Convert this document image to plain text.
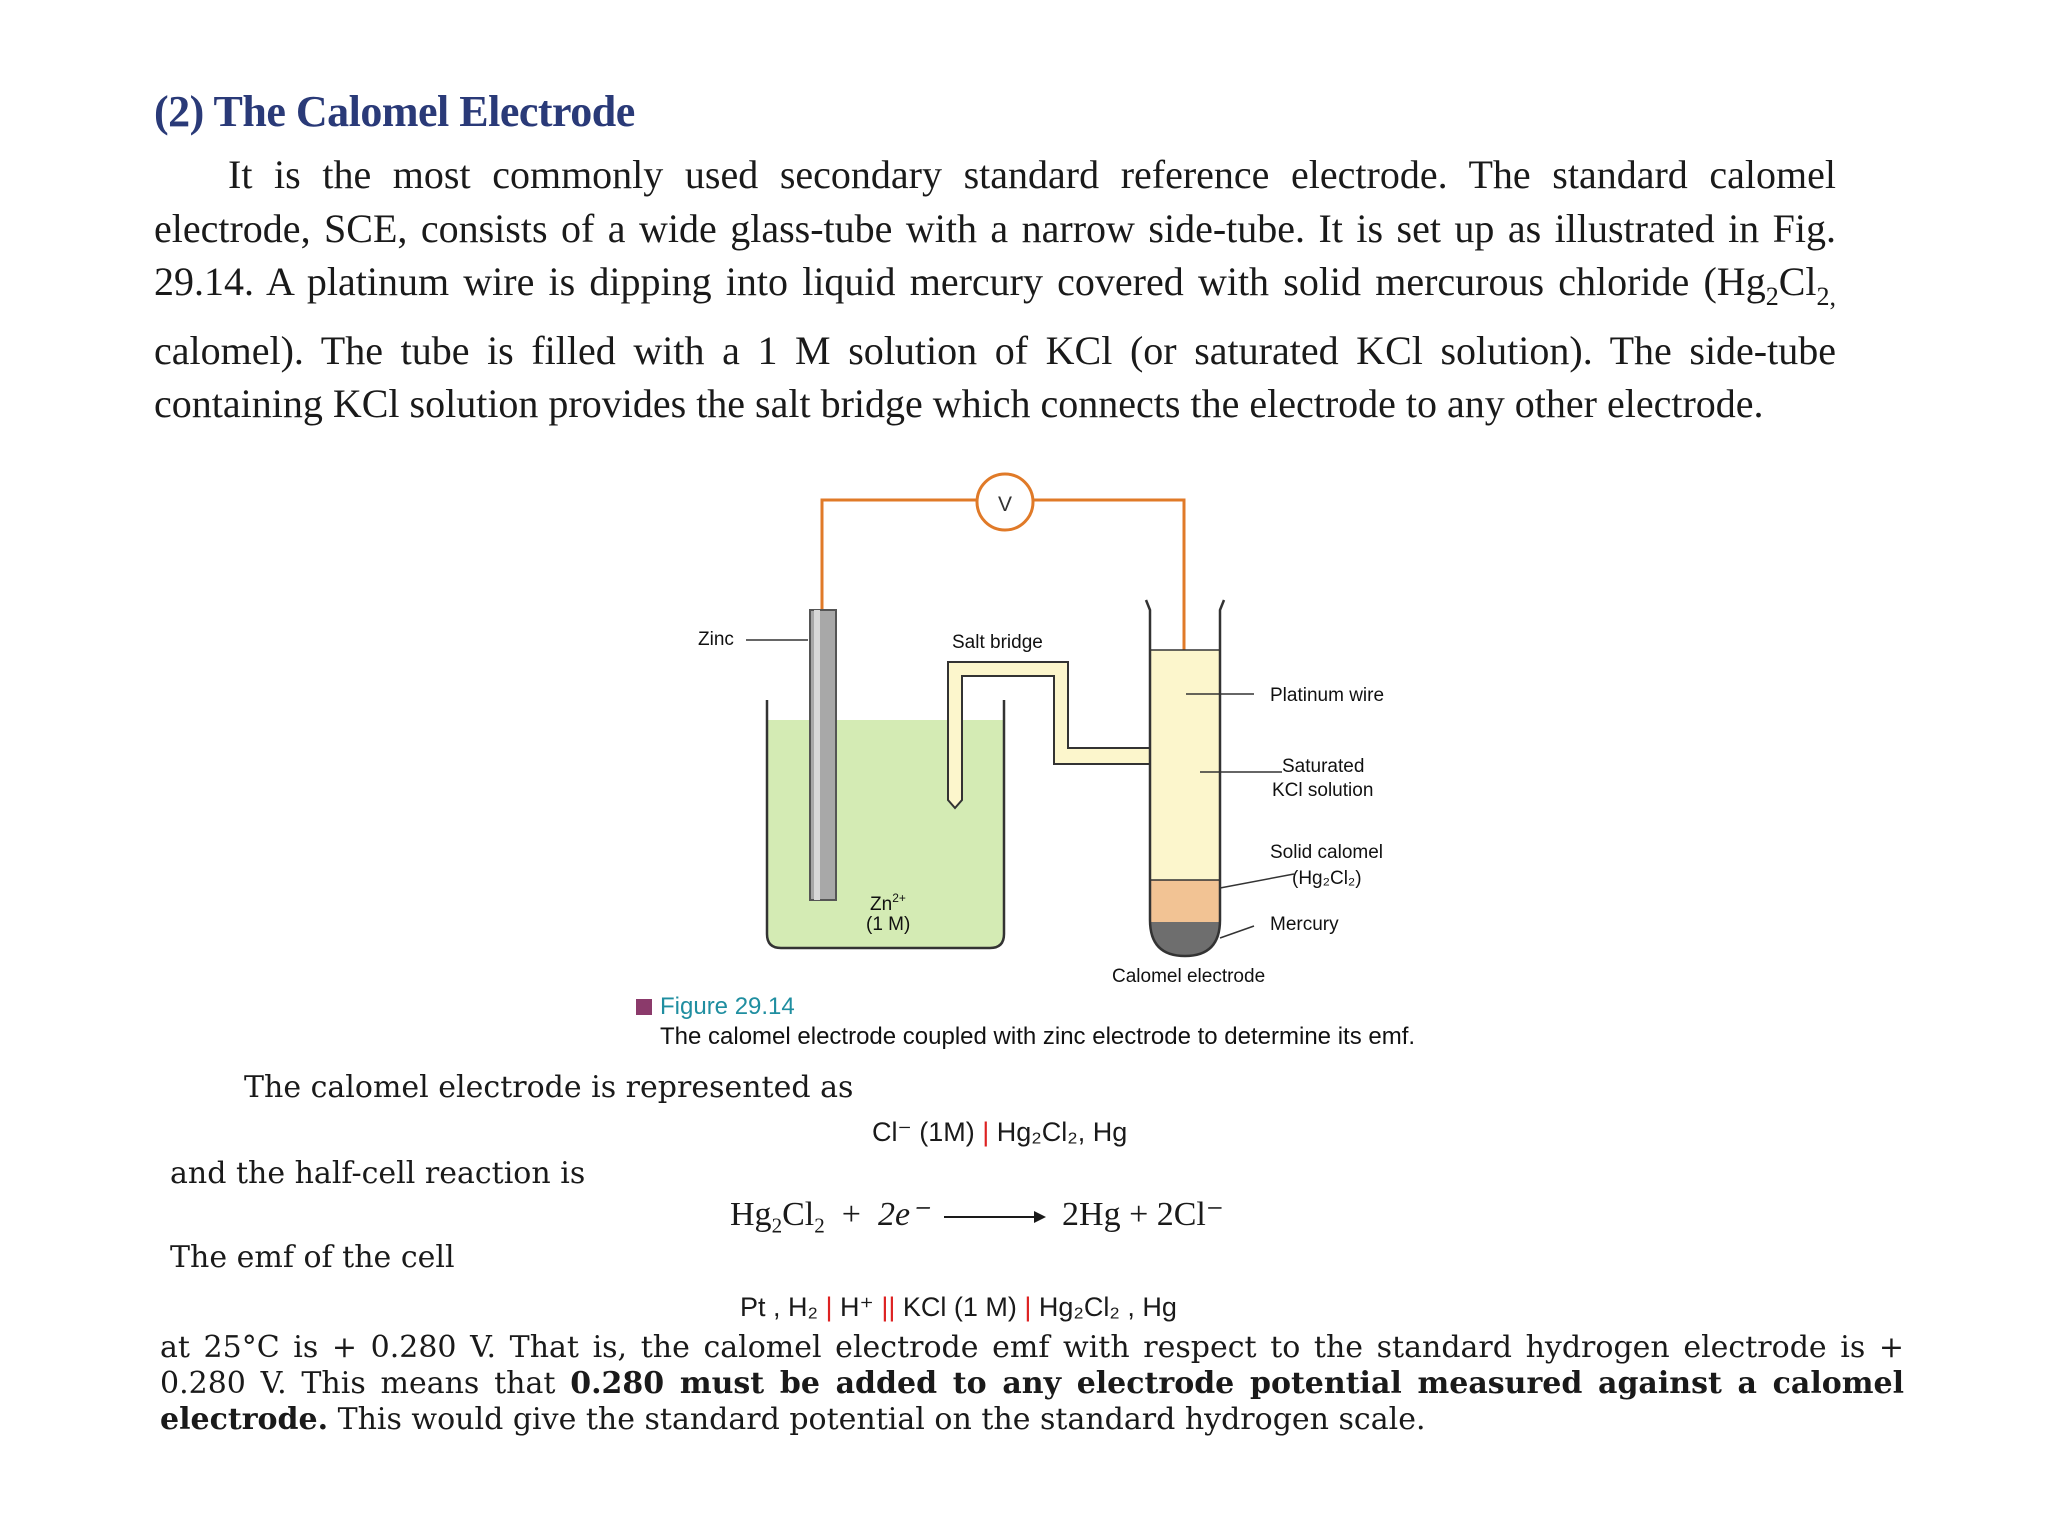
(2) The Calomel Electrode
It is the most commonly used secondary standard reference electrode. The standard calomel electrode, SCE, consists of a wide glass-tube with a narrow side-tube. It is set up as illustrated in Fig. 29.14. A platinum wire is dipping into liquid mercury covered with solid mercurous chloride ($Hg_2Cl_{2,}$ calomel). The tube is filled with a 1 M solution of KCl (or saturated KCl solution). The side-tube containing KCl solution provides the salt bridge which connects the electrode to any other electrode.
V
Zinc	Salt bridge
Platinum wire
Saturated
KCl solution
Solid calomel
(Hg₂Cl₂)
Mercury
$Zn^{2+}$
(1 M)
Calomel electrode
Figure 29.14
The calomel electrode coupled with zinc electrode to determine its emf.
The calomel electrode is represented as
Cl⁻ (1M) | Hg₂Cl₂, Hg
and the half-cell reaction is
$Hg_2Cl_2 + 2e^- \to 2Hg + 2Cl^-$
The emf of the cell
Pt , H₂ | H⁺ || KCl (1 M) | Hg₂Cl₂ , Hg
at 25°C is + 0.280 V. That is, the calomel electrode emf with respect to the standard hydrogen electrode is + 0.280 V. This means that 0.280 must be added to any electrode potential measured against a calomel electrode. This would give the standard potential on the standard hydrogen scale.
